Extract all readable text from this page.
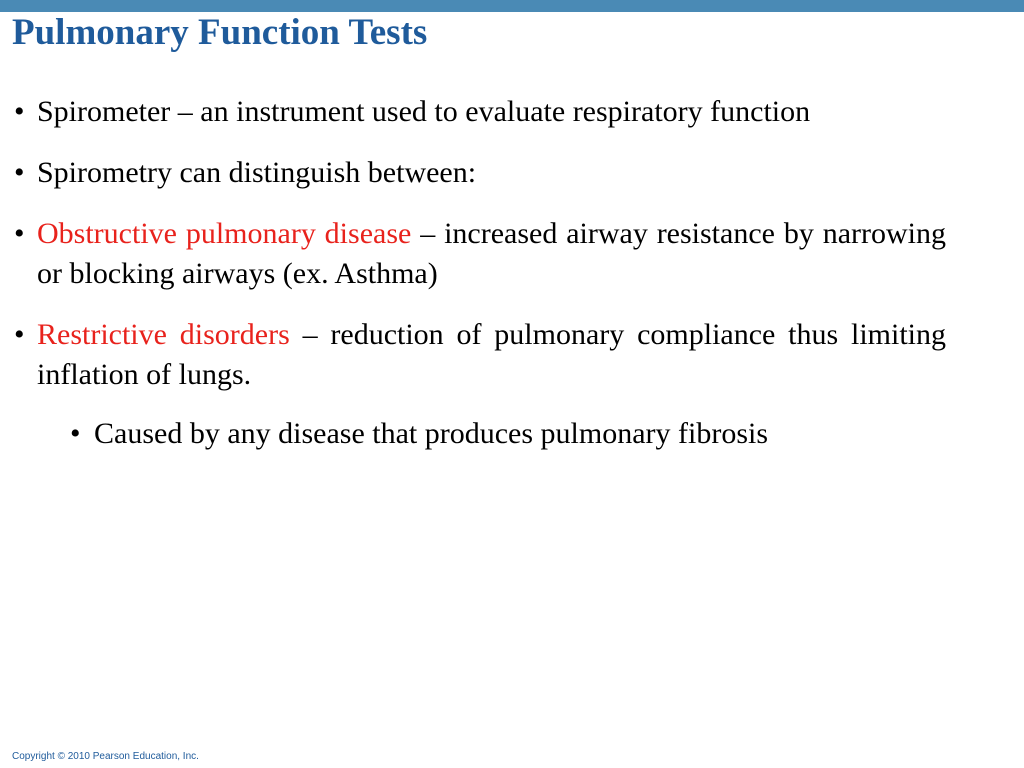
Pulmonary Function Tests
• Spirometer – an instrument used to evaluate respiratory function
• Spirometry can distinguish between:
• Obstructive pulmonary disease – increased airway resistance by narrowing or blocking airways (ex. Asthma)
• Restrictive disorders – reduction of pulmonary compliance thus limiting inflation of lungs.
• Caused by any disease that produces pulmonary fibrosis
Copyright © 2010 Pearson Education, Inc.
